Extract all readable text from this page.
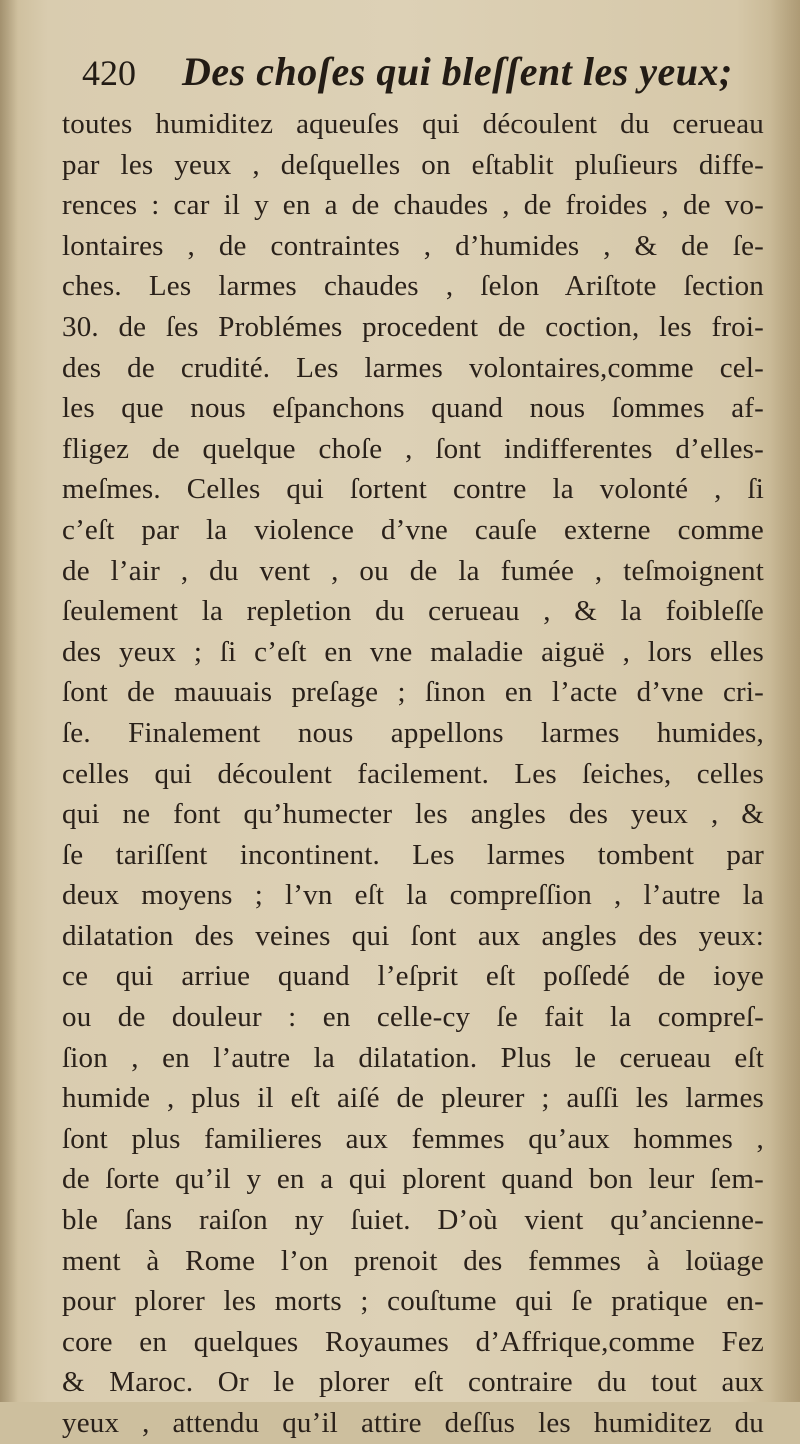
420 Des choſes qui bleſſent les yeux;
toutes humiditez aqueuſes qui découlent du cerueau
par les yeux , deſquelles on eſtablit pluſieurs diffe-
rences : car il y en a de chaudes , de froides , de vo-
lontaires , de contraintes , d’humides , & de ſe-
ches. Les larmes chaudes , ſelon Ariſtote ſection
30. de ſes Problémes procedent de coction, les froi-
des de crudité. Les larmes volontaires,comme cel-
les que nous eſpanchons quand nous ſommes af-
fligez de quelque choſe , ſont indifferentes d’elles-
meſmes. Celles qui ſortent contre la volonté , ſi
c’eſt par la violence d’vne cauſe externe comme
de l’air , du vent , ou de la fumée , teſmoignent
ſeulement la repletion du cerueau , & la foibleſſe
des yeux ; ſi c’eſt en vne maladie aiguë , lors elles
ſont de mauuais preſage ; ſinon en l’acte d’vne cri-
ſe. Finalement nous appellons larmes humides,
celles qui découlent facilement. Les ſeiches, celles
qui ne font qu’humecter les angles des yeux , &
ſe tariſſent incontinent. Les larmes tombent par
deux moyens ; l’vn eſt la compreſſion , l’autre la
dilatation des veines qui ſont aux angles des yeux:
ce qui arriue quand l’eſprit eſt poſſedé de ioye
ou de douleur : en celle-cy ſe fait la compreſ-
ſion , en l’autre la dilatation. Plus le cerueau eſt
humide , plus il eſt aiſé de pleurer ; auſſi les larmes
ſont plus familieres aux femmes qu’aux hommes ,
de ſorte qu’il y en a qui plorent quand bon leur ſem-
ble ſans raiſon ny ſuiet. D’où vient qu’ancienne-
ment à Rome l’on prenoit des femmes à loüage
pour plorer les morts ; couſtume qui ſe pratique en-
core en quelques Royaumes d’Affrique,comme Fez
& Maroc. Or le plorer eſt contraire du tout aux
yeux , attendu qu’il attire deſſus les humiditez du
